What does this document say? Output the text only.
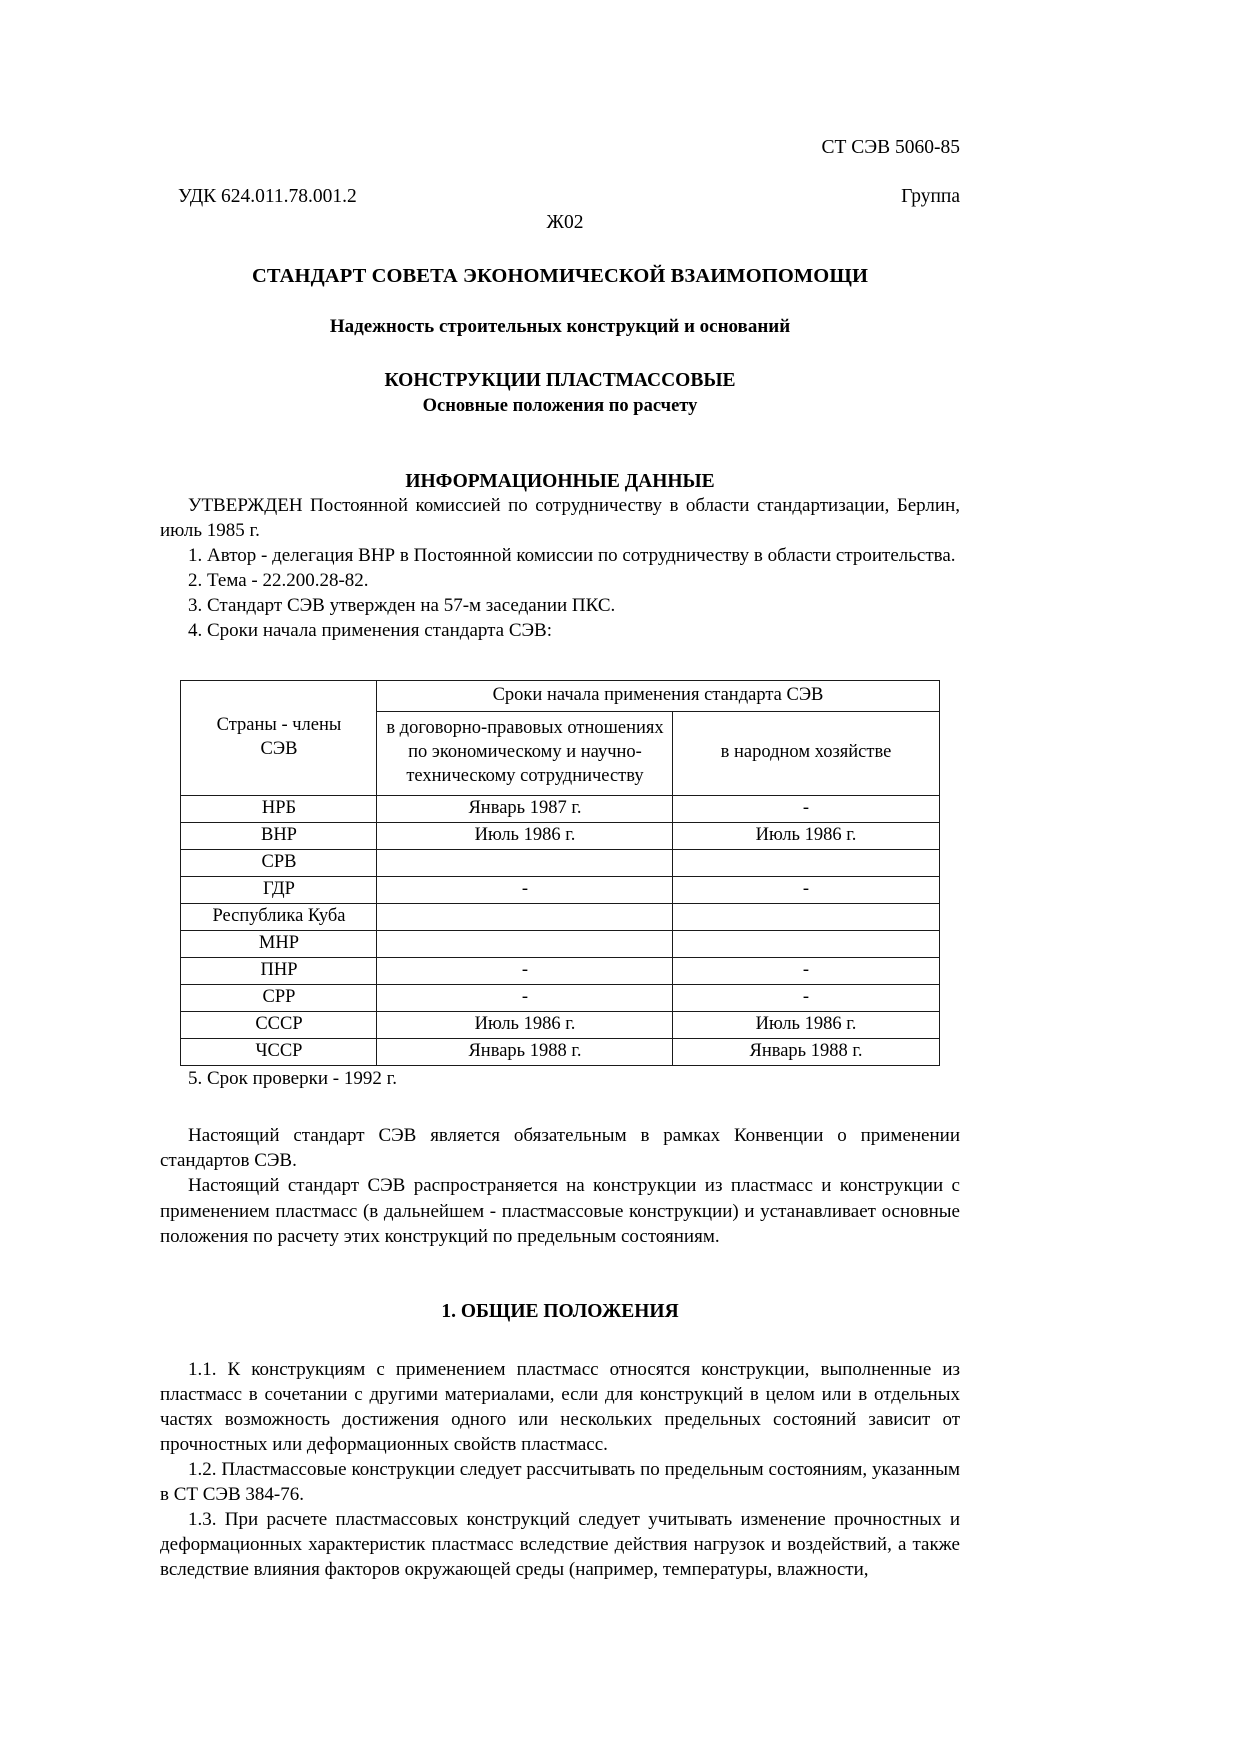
СТ СЭВ 5060-85
УДК 624.011.78.001.2	Группа
Ж02
СТАНДАРТ СОВЕТА ЭКОНОМИЧЕСКОЙ ВЗАИМОПОМОЩИ
Надежность строительных конструкций и оснований
КОНСТРУКЦИИ ПЛАСТМАССОВЫЕ
Основные положения по расчету
ИНФОРМАЦИОННЫЕ ДАННЫЕ

УТВЕРЖДЕН Постоянной комиссией по сотрудничеству в области стандартизации, Берлин, июль 1985 г.

1. Автор - делегация ВНР в Постоянной комиссии по сотрудничеству в области строительства.

2. Тема - 22.200.28-82.

3. Стандарт СЭВ утвержден на 57-м заседании ПКС.

4. Сроки начала применения стандарта СЭВ:

Страны - члены
СЭВ	Сроки начала применения стандарта СЭВ	

	в договорно-правовых отношениях
по экономическому и научно-
техническому сотрудничеству	в народном хозяйстве
НРБ	Январь 1987 г.	-
ВНР	Июль 1986 г.	Июль 1986 г.
СРВ		
ГДР	-	-
Республика Куба		
МНР		
ПНР	-	-
СРР	-	-
СССР	Июль 1986 г.	Июль 1986 г.
ЧССР	Январь 1988 г.	Январь 1988 г.

5. Срок проверки - 1992 г.

Настоящий стандарт СЭВ является обязательным в рамках Конвенции о применении стандартов СЭВ.

Настоящий стандарт СЭВ распространяется на конструкции из пластмасс и конструкции с применением пластмасс (в дальнейшем - пластмассовые конструкции) и устанавливает основные положения по расчету этих конструкций по предельным состояниям.

1. ОБЩИЕ ПОЛОЖЕНИЯ

1.1. К конструкциям с применением пластмасс относятся конструкции, выполненные из пластмасс в сочетании с другими материалами, если для конструкций в целом или в отдельных частях возможность достижения одного или нескольких предельных состояний зависит от прочностных или деформационных свойств пластмасс.

1.2. Пластмассовые конструкции следует рассчитывать по предельным состояниям, указанным в СТ СЭВ 384-76.

1.3. При расчете пластмассовых конструкций следует учитывать изменение прочностных и деформационных характеристик пластмасс вследствие действия нагрузок и воздействий, а также вследствие влияния факторов окружающей среды (например, температуры, влажности,
